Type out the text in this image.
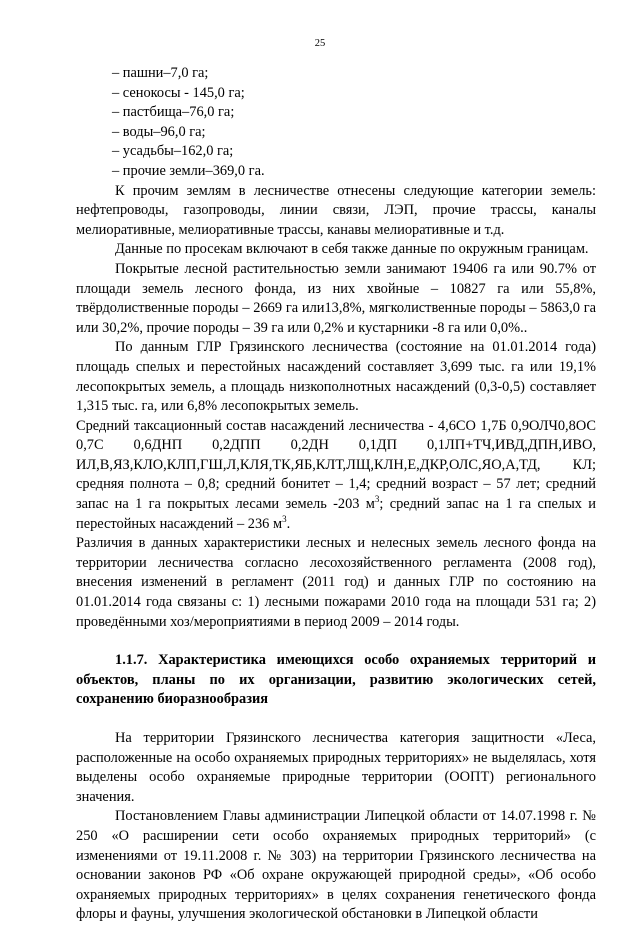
25

– пашни–7,0 га;

– сенокосы - 145,0 га;

– пастбища–76,0 га;

– воды–96,0 га;

– усадьбы–162,0 га;

– прочие земли–369,0 га.

К прочим землям в лесничестве отнесены следующие категории земель: нефтепроводы, газопроводы, линии связи, ЛЭП, прочие трассы, каналы мелиоративные, мелиоративные трассы, канавы мелиоративные и т.д.

Данные по просекам включают в себя также данные по окружным границам.

Покрытые лесной растительностью земли занимают 19406 га или 90.7% от площади земель лесного фонда, из них хвойные – 10827 га или 55,8%, твёрдолиственные породы – 2669 га или13,8%, мягколиственные породы – 5863,0 га или 30,2%, прочие породы – 39 га или 0,2% и кустарники -8 га или 0,0%..

По данным ГЛР Грязинского лесничества (состояние на 01.01.2014 года) площадь спелых и перестойных насаждений составляет 3,699 тыс. га или 19,1% лесопокрытых земель, а площадь низкополнотных насаждений (0,3-0,5) составляет 1,315 тыс. га, или 6,8% лесопокрытых земель.

Средний таксационный состав насаждений лесничества - 4,6СО 1,7Б 0,9ОЛЧ0,8ОС 0,7С 0,6ДНП 0,2ДПП 0,2ДН 0,1ДП 0,1ЛП+ТЧ,ИВД,ДПН,ИВО, ИЛ,В,ЯЗ,КЛО,КЛП,ГШ,Л,КЛЯ,ТК,ЯБ,КЛТ,ЛЩ,КЛН,Е,ДКР,ОЛС,ЯО,А,ТД, КЛ; средняя полнота – 0,8; средний бонитет – 1,4; средний возраст – 57 лет; средний запас на 1 га покрытых лесами земель -203 $м^3$; средний запас на 1 га спелых и перестойных насаждений – 236 $м^3$.

Различия в данных характеристики лесных и нелесных земель лесного фонда на территории лесничества согласно лесохозяйственного регламента (2008 год), внесения изменений в регламент (2011 год) и данных ГЛР по состоянию на 01.01.2014 года связаны с: 1) лесными пожарами 2010 года на площади 531 га; 2) проведёнными хоз/мероприятиями в период 2009 – 2014 годы.

1.1.7. Характеристика имеющихся особо охраняемых территорий и объектов, планы по их организации, развитию экологических сетей, сохранению биоразнообразия

На территории Грязинского лесничества категория защитности «Леса, расположенные на особо охраняемых природных территориях» не выделялась, хотя выделены особо охраняемые природные территории (ООПТ) регионального значения.

Постановлением Главы администрации Липецкой области от 14.07.1998 г. № 250 «О расширении сети особо охраняемых природных территорий» (с изменениями от 19.11.2008 г. № 303) на территории Грязинского лесничества на основании законов РФ «Об охране окружающей природной среды», «Об особо охраняемых природных территориях» в целях сохранения генетического фонда флоры и фауны, улучшения экологической обстановки в Липецкой области
